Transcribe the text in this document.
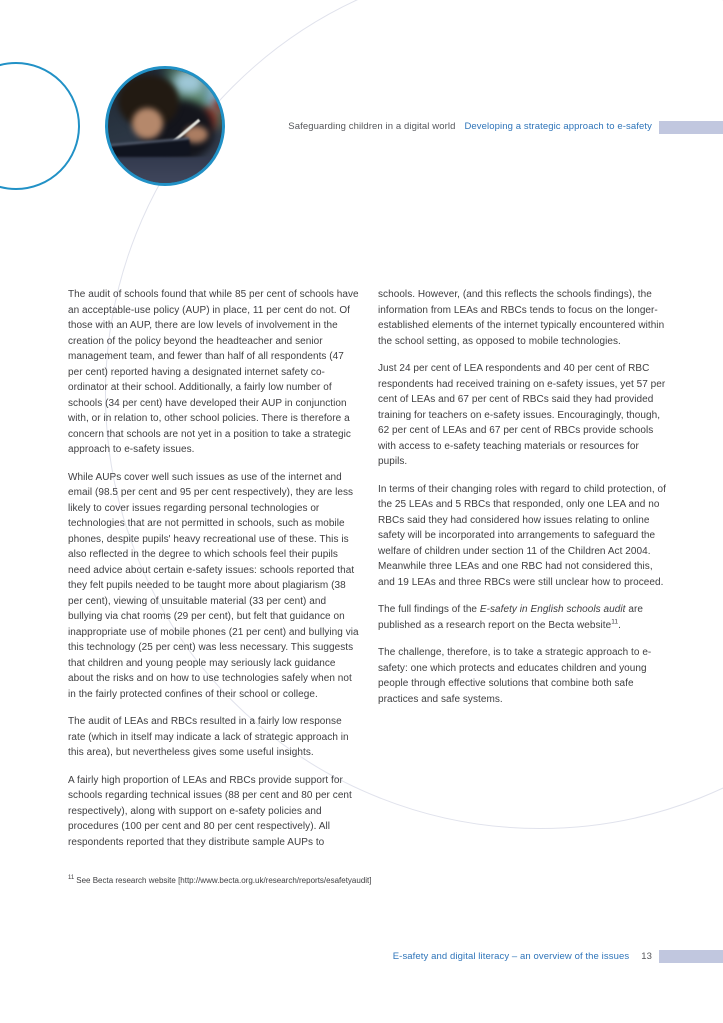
Safeguarding children in a digital world Developing a strategic approach to e-safety

The audit of schools found that while 85 per cent of schools have an acceptable-use policy (AUP) in place, 11 per cent do not. Of those with an AUP, there are low levels of involvement in the creation of the policy beyond the headteacher and senior management team, and fewer than half of all respondents (47 per cent) reported having a designated internet safety co-ordinator at their school. Additionally, a fairly low number of schools (34 per cent) have developed their AUP in conjunction with, or in relation to, other school policies. There is therefore a concern that schools are not yet in a position to take a strategic approach to e-safety issues.

While AUPs cover well such issues as use of the internet and email (98.5 per cent and 95 per cent respectively), they are less likely to cover issues regarding personal technologies or technologies that are not permitted in schools, such as mobile phones, despite pupils' heavy recreational use of these. This is also reflected in the degree to which schools feel their pupils need advice about certain e-safety issues: schools reported that they felt pupils needed to be taught more about plagiarism (38 per cent), viewing of unsuitable material (33 per cent) and bullying via chat rooms (29 per cent), but felt that guidance on inappropriate use of mobile phones (21 per cent) and bullying via this technology (25 per cent) was less necessary. This suggests that children and young people may seriously lack guidance about the risks and on how to use technologies safely when not in the fairly protected confines of their school or college.

The audit of LEAs and RBCs resulted in a fairly low response rate (which in itself may indicate a lack of strategic approach in this area), but nevertheless gives some useful insights.

A fairly high proportion of LEAs and RBCs provide support for schools regarding technical issues (88 per cent and 80 per cent respectively), along with support on e-safety policies and procedures (100 per cent and 80 per cent respectively). All respondents reported that they distribute sample AUPs to

schools. However, (and this reflects the schools findings), the information from LEAs and RBCs tends to focus on the longer-established elements of the internet typically encountered within the school setting, as opposed to mobile technologies.

Just 24 per cent of LEA respondents and 40 per cent of RBC respondents had received training on e-safety issues, yet 57 per cent of LEAs and 67 per cent of RBCs said they had provided training for teachers on e-safety issues. Encouragingly, though, 62 per cent of LEAs and 67 per cent of RBCs provide schools with access to e-safety teaching materials or resources for pupils.

In terms of their changing roles with regard to child protection, of the 25 LEAs and 5 RBCs that responded, only one LEA and no RBCs said they had considered how issues relating to online safety will be incorporated into arrangements to safeguard the welfare of children under section 11 of the Children Act 2004. Meanwhile three LEAs and one RBC had not considered this, and 19 LEAs and three RBCs were still unclear how to proceed.

The full findings of the E-safety in English schools audit are published as a research report on the Becta website$^{11}$.

The challenge, therefore, is to take a strategic approach to e-safety: one which protects and educates children and young people through effective solutions that combine both safe practices and safe systems.

$^{11}$ See Becta research website [http://www.becta.org.uk/research/reports/esafetyaudit]
E-safety and digital literacy – an overview of the issues 13
